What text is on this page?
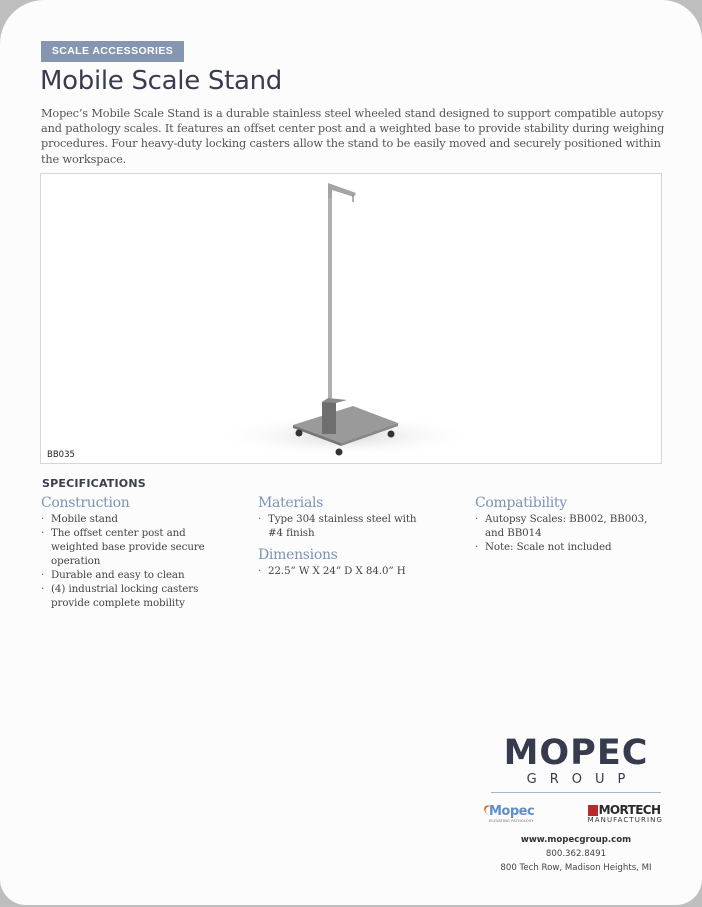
SCALE ACCESSORIES
Mobile Scale Stand

Mopec’s Mobile Scale Stand is a durable stainless steel wheeled stand designed to support compatible autopsy and pathology scales. It features an offset center post and a weighted base to provide stability during weighing procedures. Four heavy-duty locking casters allow the stand to be easily moved and securely positioned within the workspace.

BB035
SPECIFICATIONS
Construction
· Mobile stand
· The offset center post and weighted base provide secure operation
· Durable and easy to clean
· (4) industrial locking casters provide complete mobility
Materials
· Type 304 stainless steel with #4 finish
Dimensions
· 22.5” W X 24” D X 84.0” H
Compatibility
· Autopsy Scales: BB002, BB003, and BB014
· Note: Scale not included
MOPEC
GROUP
Mopec
ELEVATING PATHOLOGY
MORTECH
MANUFACTURING
www.mopecgroup.com
800.362.8491
800 Tech Row, Madison Heights, MI
